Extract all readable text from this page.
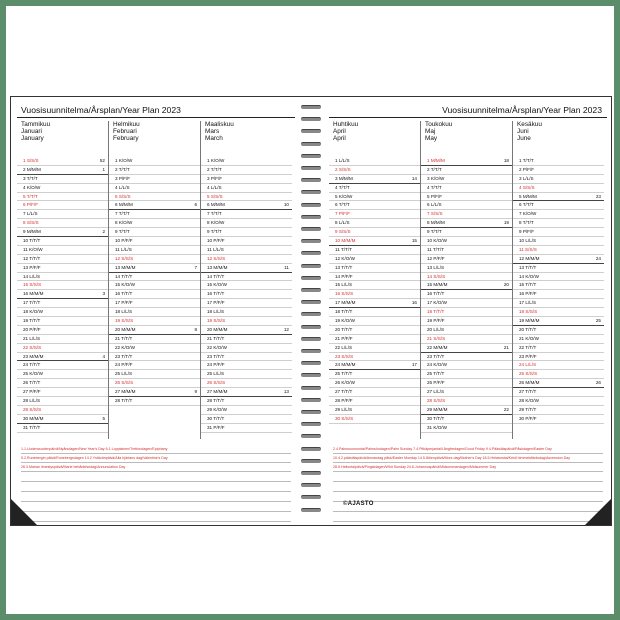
Vuosisuunnitelma/Årsplan/Year Plan 2023
Tammikuu
Januari
January
1 S/S/S	52
2 M/M/M	1
3 T/T/T
4 K/O/W
5 T/T/T
6 P/F/F
7 L/L/S
8 S/S/S
9 M/M/M	2
10 T/T/T
11 K/O/W
12 T/T/T
13 P/F/F
14 L/L/S
15 S/S/S
16 M/M/M	3
17 T/T/T
18 K/O/W
19 T/T/T
20 P/F/F
21 L/L/S
22 S/S/S
23 M/M/M	4
24 T/T/T
25 K/O/W
26 T/T/T
27 P/F/F
28 L/L/S
29 S/S/S
30 M/M/M	5
31 T/T/T
Helmikuu
Februari
February
1 K/O/W
2 T/T/T
3 P/F/F
4 L/L/S
5 S/S/S
6 M/M/M	6
7 T/T/T
8 K/O/W
9 T/T/T
10 P/F/F
11 L/L/S
12 S/S/S
13 M/M/M	7
14 T/T/T
15 K/O/W
16 T/T/T
17 P/F/F
18 L/L/S
19 S/S/S
20 M/M/M	8
21 T/T/T
22 K/O/W
23 T/T/T
24 P/F/F
25 L/L/S
26 S/S/S
27 M/M/M	9
28 T/T/T
Maaliskuu
Mars
March
1 K/O/W
2 T/T/T
3 P/F/F
4 L/L/S
5 S/S/S
6 M/M/M	10
7 T/T/T
8 K/O/W
9 T/T/T
10 P/F/F
11 L/L/S
12 S/S/S
13 M/M/M	11
14 T/T/T
15 K/O/W
16 T/T/T
17 P/F/F
18 L/L/S
19 S/S/S
20 M/M/M	12
21 T/T/T
22 K/O/W
23 T/T/T
24 P/F/F
25 L/L/S
26 S/S/S
27 M/M/M	13
28 T/T/T
29 K/O/W
30 T/T/T
31 P/F/F
1.1.Uudenvuodenpäivä/Nyårsdagen/New Year's Day 6.1.Loppiainen/Trettondagen/Epiphany
5.2.Runebergin päivä/Runebergsdagen 14.2.Ystävänpäivä/Alla hjärtans dag/Valentine's Day
26.3.Marian ilmestyspäivä/Marie bebådelsedag/Annunciation Day
Vuosisuunnitelma/Årsplan/Year Plan 2023
Huhtikuu
April
April
1 L/L/S
2 S/S/S
3 M/M/M	14
4 T/T/T
5 K/O/W
6 T/T/T
7 P/F/F
8 L/L/S
9 S/S/S
10 M/M/M	15
11 T/T/T
12 K/O/W
13 T/T/T
14 P/F/F
15 L/L/S
16 S/S/S
17 M/M/M	16
18 T/T/T
19 K/O/W
20 T/T/T
21 P/F/F
22 L/L/S
23 S/S/S
24 M/M/M	17
25 T/T/T
26 K/O/W
27 T/T/T
28 P/F/F
29 L/L/S
30 S/S/S
Toukokuu
Maj
May
1 M/M/M	18
2 T/T/T
3 K/O/W
4 T/T/T
5 P/F/F
6 L/L/S
7 S/S/S
8 M/M/M	19
9 T/T/T
10 K/O/W
11 T/T/T
12 P/F/F
13 L/L/S
14 S/S/S
15 M/M/M	20
16 T/T/T
17 K/O/W
18 T/T/T
19 P/F/F
20 L/L/S
21 S/S/S
22 M/M/M	21
23 T/T/T
24 K/O/W
25 T/T/T
26 P/F/F
27 L/L/S
28 S/S/S
29 M/M/M	22
30 T/T/T
31 K/O/W
Kesäkuu
Juni
June
1 T/T/T
2 P/F/F
3 L/L/S
4 S/S/S
5 M/M/M	23
6 T/T/T
7 K/O/W
8 T/T/T
9 P/F/F
10 L/L/S
11 S/S/S
12 M/M/M	24
13 T/T/T
14 K/O/W
15 T/T/T
16 P/F/F
17 L/L/S
18 S/S/S
19 M/M/M	25
20 T/T/T
21 K/O/W
22 T/T/T
23 P/F/F
24 L/L/S
25 S/S/S
26 M/M/M	26
27 T/T/T
28 K/O/W
29 T/T/T
30 P/F/F
2.4.Palmusunnuntai/Palmsöndagen/Palm Sunday 7.4.Pitkäperjantai/Långfredagen/Good Friday 9.4.Pääsiäispäivä/Påskdagen/Easter Day
10.4.2.pääsiäispäivä/Annandag påsk/Easter Monday 14.5.Äitienpäivä/Mors dag/Mother's Day 18.5.Helatorstai/Kristi himmelsfärdsdag/Ascension Day
28.5.Helluntaipäivä/Pingstdagen/Whit Sunday 24.6.Juhannuspäivä/Midsommardagen/Midsummer Day
©AJASTO
